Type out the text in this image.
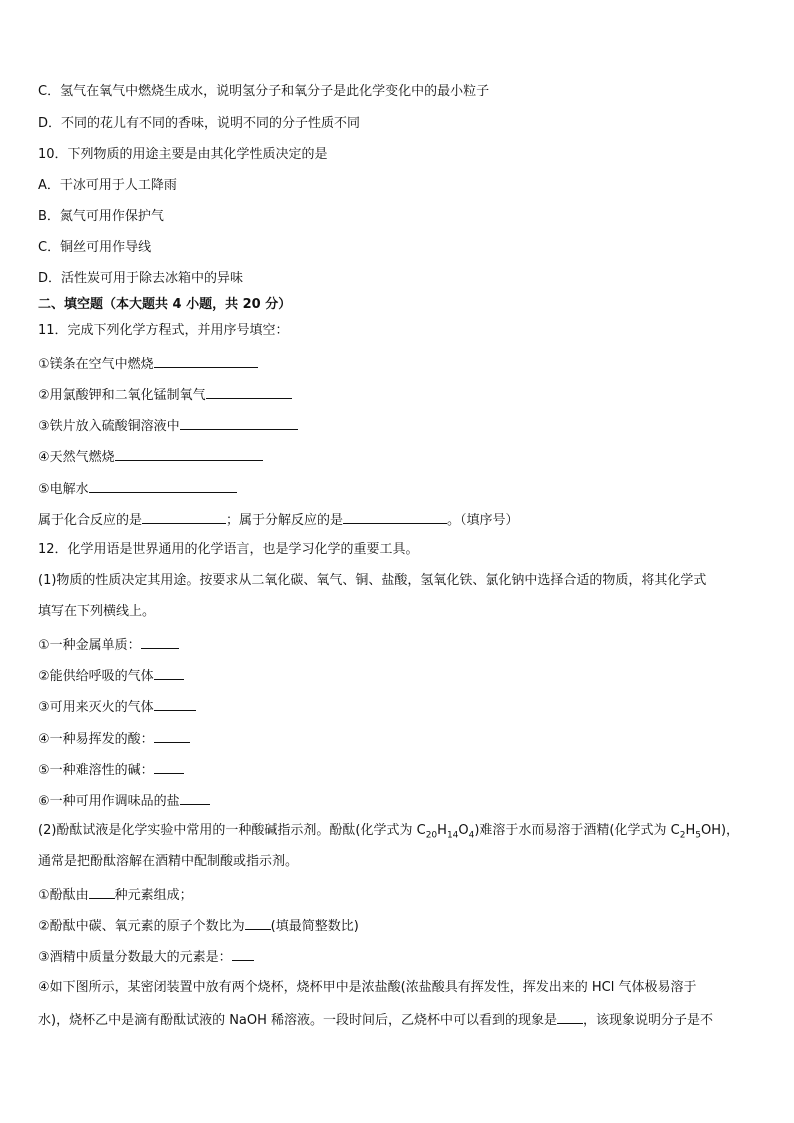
C．氢气在氧气中燃烧生成水，说明氢分子和氧分子是此化学变化中的最小粒子
D．不同的花儿有不同的香味，说明不同的分子性质不同
10．下列物质的用途主要是由其化学性质决定的是
A．干冰可用于人工降雨
B．氮气可用作保护气
C．铜丝可用作导线
D．活性炭可用于除去冰箱中的异味
二、填空题（本大题共 4 小题，共 20 分）
11．完成下列化学方程式，并用序号填空：
①镁条在空气中燃烧
②用氯酸钾和二氧化锰制氧气
③铁片放入硫酸铜溶液中
④天然气燃烧
⑤电解水
属于化合反应的是	；属于分解反应的是	。（填序号）
12．化学用语是世界通用的化学语言，也是学习化学的重要工具。
(1)物质的性质决定其用途。按要求从二氧化碳、氧气、铜、盐酸，氢氧化铁、氯化钠中选择合适的物质，将其化学式
填写在下列横线上。
①一种金属单质：
②能供给呼吸的气体
③可用来灭火的气体
④一种易挥发的酸：
⑤一种难溶性的碱：
⑥一种可用作调味品的盐
(2)酚酞试液是化学实验中常用的一种酸碱指示剂。酚酞(化学式为 $C_{20}H_{14}O_4$)难溶于水而易溶于酒精(化学式为 $C_2H_5OH$)，
通常是把酚酞溶解在酒精中配制酸或指示剂。
①酚酞由 种元素组成；
②酚酞中碳、氧元素的原子个数比为 (填最简整数比)
③酒精中质量分数最大的元素是：
④如下图所示，某密闭装置中放有两个烧杯，烧杯甲中是浓盐酸(浓盐酸具有挥发性，挥发出来的 HCl 气体极易溶于
水)，烧杯乙中是滴有酚酞试液的 NaOH 稀溶液。一段时间后，乙烧杯中可以看到的现象是 ，该现象说明分子是不
